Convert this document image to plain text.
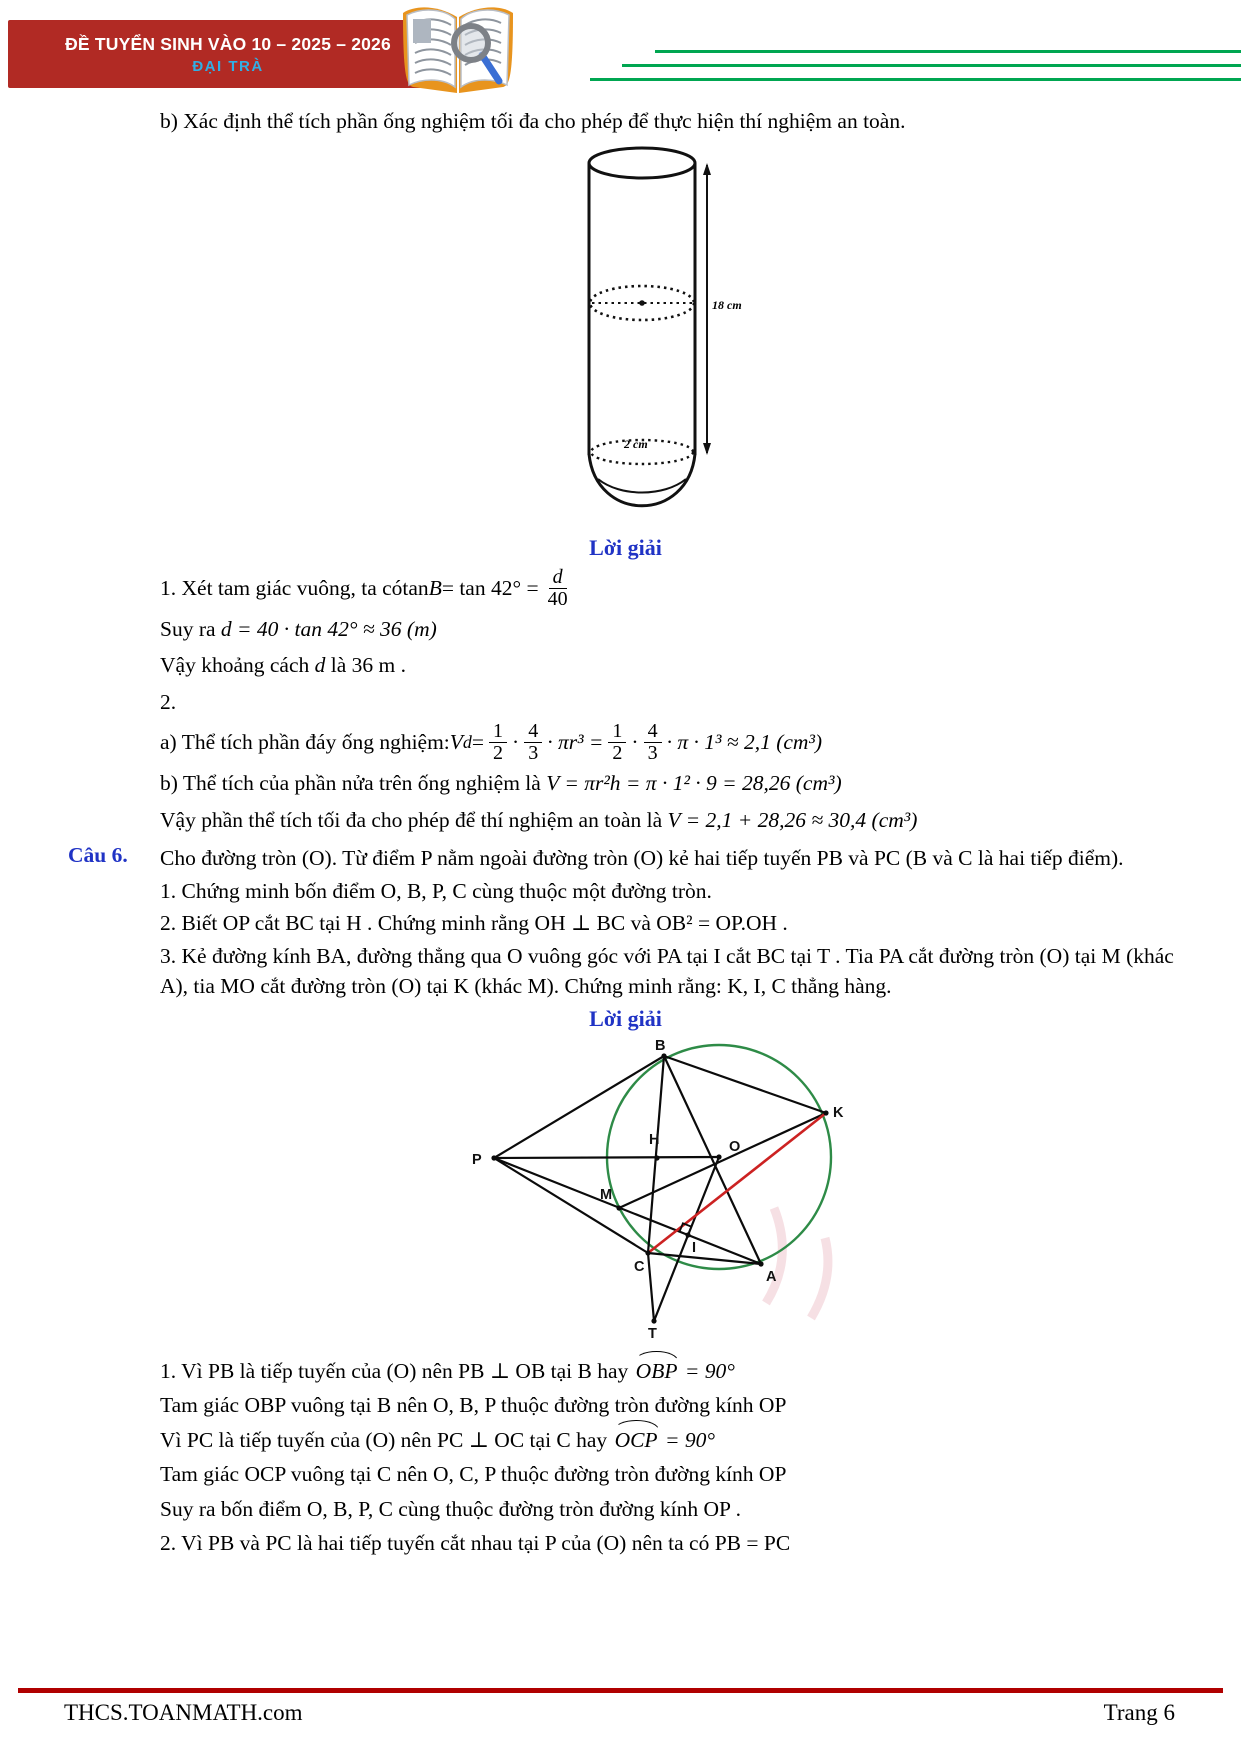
ĐỀ TUYỂN SINH VÀO 10 – 2025 – 2026
ĐẠI TRÀ

b) Xác định thể tích phần ống nghiệm tối đa cho phép để thực hiện thí nghiệm an toàn.

18 cm
2 cm

Lời giải

1. Xét tam giác vuông, ta có $\tan B = \tan 42^\circ = \frac{d}{40}$

Suy ra d = 40 · tan 42° ≈ 36 (m)

Vậy khoảng cách d là 36 m .

2.

a) Thể tích phần đáy ống nghiệm: V $d = \frac{1}{2} \cdot \frac{4}{3} \cdot \pi r^3 = \frac{1}{2} \cdot \frac{4}{3} \cdot \pi \cdot 1^3 \approx 2,1$ (cm³)

b) Thể tích của phần nửa trên ống nghiệm là V = πr²h = π · 1² · 9 = 28,26 (cm³)

Vậy phần thể tích tối đa cho phép để thí nghiệm an toàn là V = 2,1 + 28,26 ≈ 30,4 (cm³)

Câu 6. Cho đường tròn (O). Từ điểm P nằm ngoài đường tròn (O) kẻ hai tiếp tuyến PB và PC (B và C là hai tiếp điểm).

1. Chứng minh bốn điểm O, B, P, C cùng thuộc một đường tròn.

2. Biết OP cắt BC tại H . Chứng minh rằng OH ⊥ BC và OB² = OP.OH .

3. Kẻ đường kính BA, đường thẳng qua O vuông góc với PA tại I cắt BC tại T . Tia PA cắt đường tròn (O) tại M (khác A), tia MO cắt đường tròn (O) tại K (khác M). Chứng minh rằng: K, I, C thẳng hàng.

Lời giải

B
K
P
H	O
M
C
A
I
T

1. Vì PB là tiếp tuyến của (O) nên PB ⊥ OB tại B hay OBP = 90°

Tam giác OBP vuông tại B nên O, B, P thuộc đường tròn đường kính OP

Vì PC là tiếp tuyến của (O) nên PC ⊥ OC tại C hay OCP = 90°

Tam giác OCP vuông tại C nên O, C, P thuộc đường tròn đường kính OP

Suy ra bốn điểm O, B, P, C cùng thuộc đường tròn đường kính OP .

2. Vì PB và PC là hai tiếp tuyến cắt nhau tại P của (O) nên ta có PB = PC

THCS.TOANMATH.com	Trang 6
